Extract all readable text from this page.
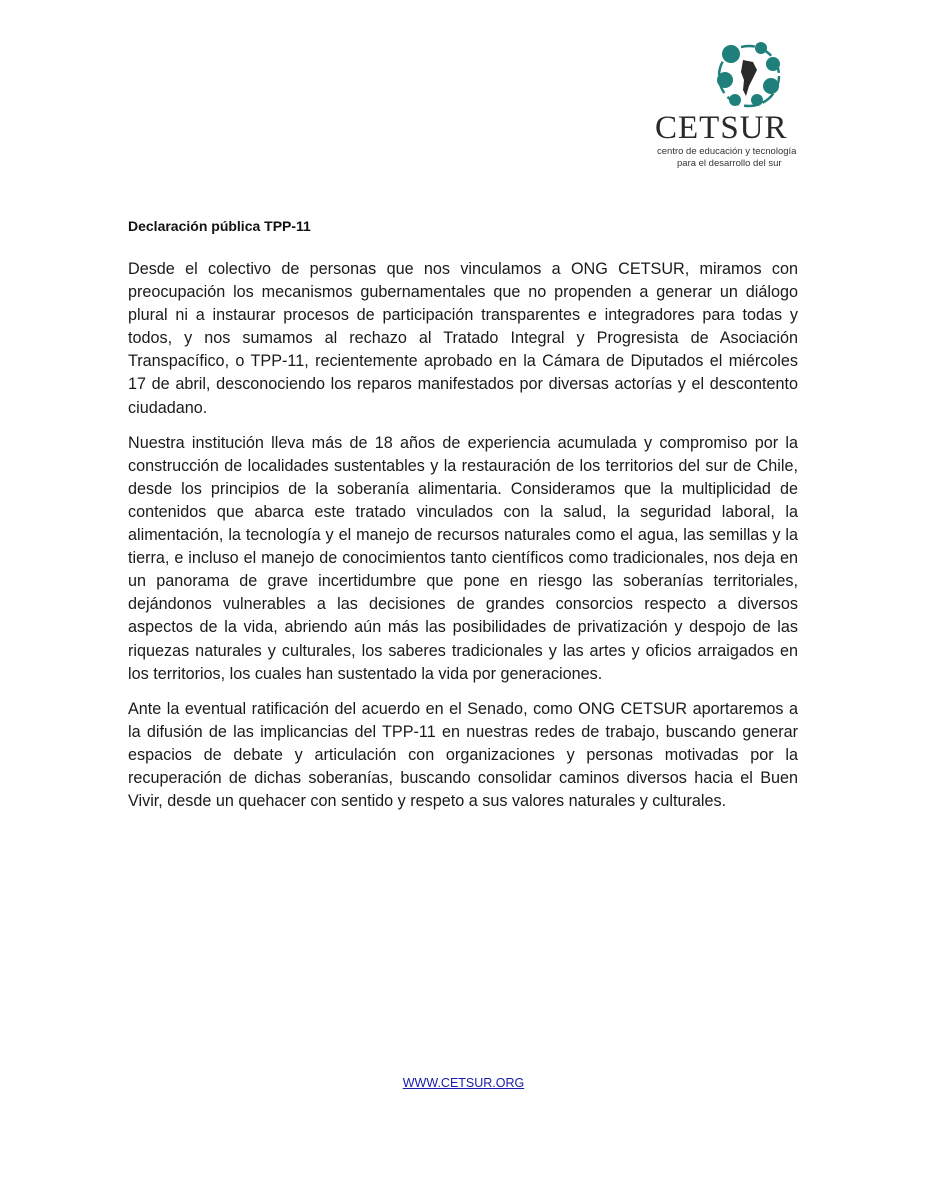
CETSUR
centro de educación y tecnología
para el desarrollo del sur
Declaración pública TPP-11

Desde el colectivo de personas que nos vinculamos a ONG CETSUR, miramos con preocupación los mecanismos gubernamentales que no propenden a generar un diálogo plural ni a instaurar procesos de participación transparentes e integradores para todas y todos, y nos sumamos al rechazo al Tratado Integral y Progresista de Asociación Transpacífico, o TPP-11, recientemente aprobado en la Cámara de Diputados el miércoles 17 de abril, desconociendo los reparos manifestados por diversas actorías y el descontento ciudadano.

Nuestra institución lleva más de 18 años de experiencia acumulada y compromiso por la construcción de localidades sustentables y la restauración de los territorios del sur de Chile, desde los principios de la soberanía alimentaria. Consideramos que la multiplicidad de contenidos que abarca este tratado vinculados con la salud, la seguridad laboral, la alimentación, la tecnología y el manejo de recursos naturales como el agua, las semillas y la tierra, e incluso el manejo de conocimientos tanto científicos como tradicionales, nos deja en un panorama de grave incertidumbre que pone en riesgo las soberanías territoriales, dejándonos vulnerables a las decisiones de grandes consorcios respecto a diversos aspectos de la vida, abriendo aún más las posibilidades de privatización y despojo de las riquezas naturales y culturales, los saberes tradicionales y las artes y oficios arraigados en los territorios, los cuales han sustentado la vida por generaciones.

Ante la eventual ratificación del acuerdo en el Senado, como ONG CETSUR aportaremos a la difusión de las implicancias del TPP-11 en nuestras redes de trabajo, buscando generar espacios de debate y articulación con organizaciones y personas motivadas por la recuperación de dichas soberanías, buscando consolidar caminos diversos hacia el Buen Vivir, desde un quehacer con sentido y respeto a sus valores naturales y culturales.

WWW.CETSUR.ORG
